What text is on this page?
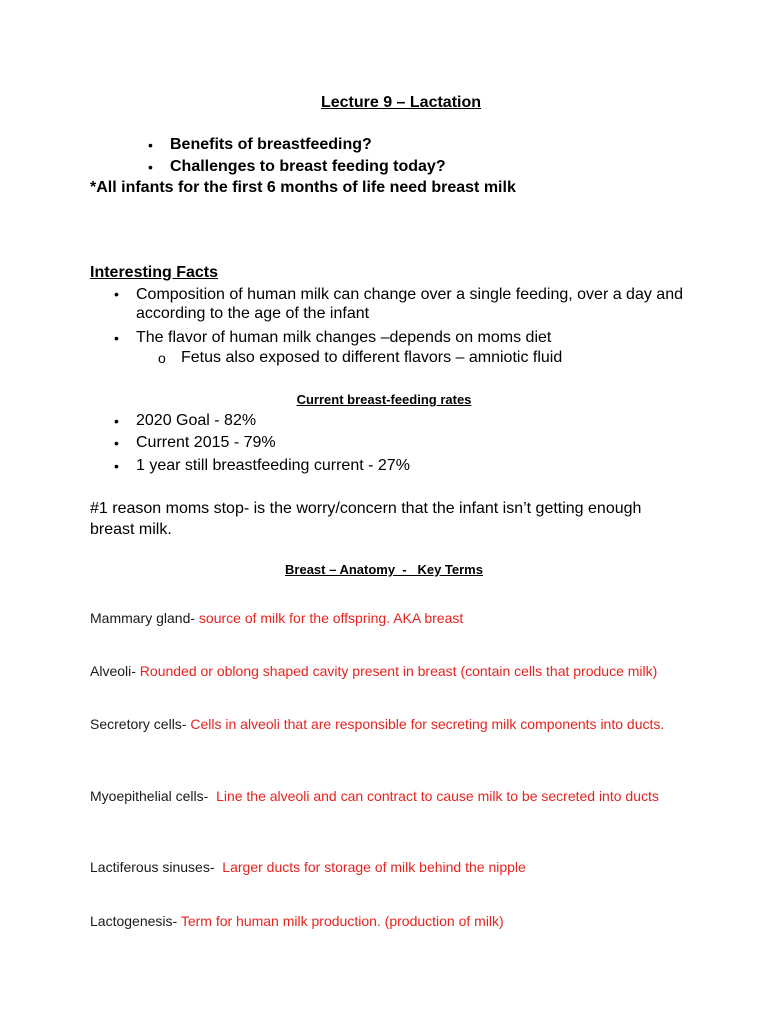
Lecture 9 – Lactation
• Benefits of breastfeeding?
• Challenges to breast feeding today?
*All infants for the first 6 months of life need breast milk
Interesting Facts
• Composition of human milk can change over a single feeding, over a day and according to the age of the infant
• The flavor of human milk changes –depends on moms diet
o Fetus also exposed to different flavors – amniotic fluid
Current breast-feeding rates
• 2020 Goal - 82%
• Current 2015 - 79%
• 1 year still breastfeeding current - 27%
#1 reason moms stop- is the worry/concern that the infant isn’t getting enough breast milk.
Breast – Anatomy  -   Key Terms
Mammary gland- source of milk for the offspring. AKA breast
Alveoli- Rounded or oblong shaped cavity present in breast (contain cells that produce milk)
Secretory cells- Cells in alveoli that are responsible for secreting milk components into ducts.
Myoepithelial cells-  Line the alveoli and can contract to cause milk to be secreted into ducts
Lactiferous sinuses-  Larger ducts for storage of milk behind the nipple
Lactogenesis- Term for human milk production. (production of milk)
